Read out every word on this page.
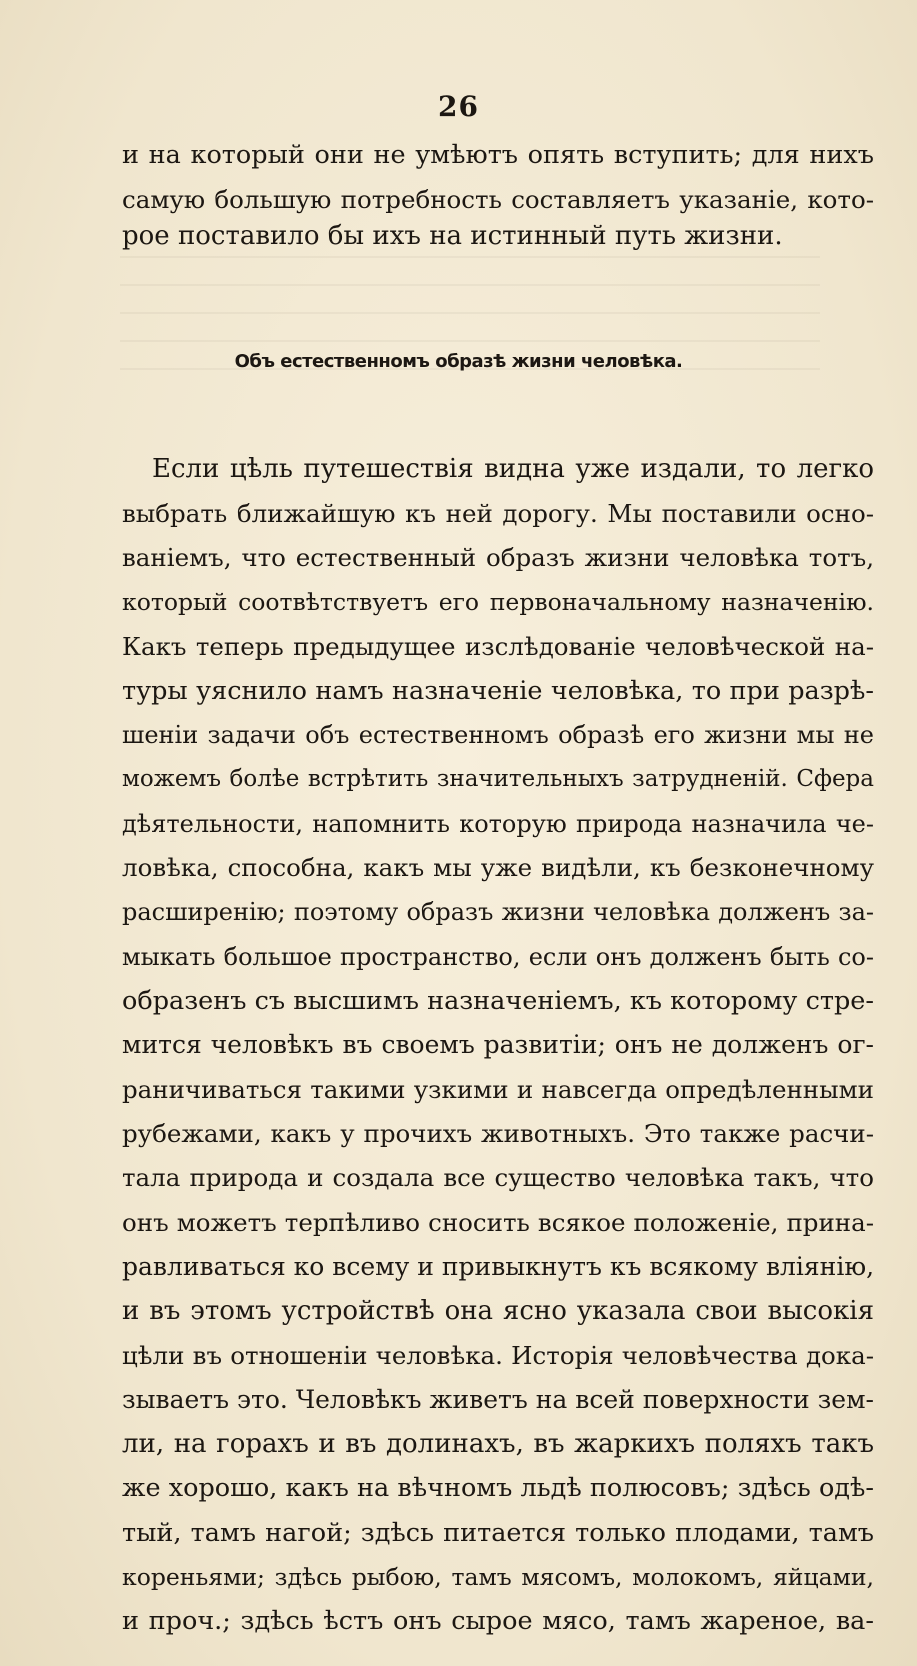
26
и на который они не умѣютъ опять вступить; для нихъ
самую большую потребность составляетъ указаніе, кото-
рое поставило бы ихъ на истинный путь жизни.
Объ естественномъ образѣ жизни человѣка.
Если цѣль путешествія видна уже издали, то легко
выбрать ближайшую къ ней дорогу. Мы поставили осно-
ваніемъ, что естественный образъ жизни человѣка тотъ,
который соотвѣтствуетъ его первоначальному назначенію.
Какъ теперь предыдущее изслѣдованіе человѣческой на-
туры уяснило намъ назначеніе человѣка, то при разрѣ-
шеніи задачи объ естественномъ образѣ его жизни мы не
можемъ болѣе встрѣтить значительныхъ затрудненій. Сфера
дѣятельности, напомнить которую природа назначила че-
ловѣка, способна, какъ мы уже видѣли, къ безконечному
расширенію; поэтому образъ жизни человѣка долженъ за-
мыкать большое пространство, если онъ долженъ быть со-
образенъ съ высшимъ назначеніемъ, къ которому стре-
мится человѣкъ въ своемъ развитіи; онъ не долженъ ог-
раничиваться такими узкими и навсегда опредѣленными
рубежами, какъ у прочихъ животныхъ. Это также расчи-
тала природа и создала все существо человѣка такъ, что
онъ можетъ терпѣливо сносить всякое положеніе, прина-
равливаться ко всему и привыкнутъ къ всякому вліянію,
и въ этомъ устройствѣ она ясно указала свои высокія
цѣли въ отношеніи человѣка. Исторія человѣчества дока-
зываетъ это. Человѣкъ живетъ на всей поверхности зем-
ли, на горахъ и въ долинахъ, въ жаркихъ поляхъ такъ
же хорошо, какъ на вѣчномъ льдѣ полюсовъ; здѣсь одѣ-
тый, тамъ нагой; здѣсь питается только плодами, тамъ
кореньями; здѣсь рыбою, тамъ мясомъ, молокомъ, яйцами,
и проч.; здѣсь ѣстъ онъ сырое мясо, тамъ жареное, ва-
